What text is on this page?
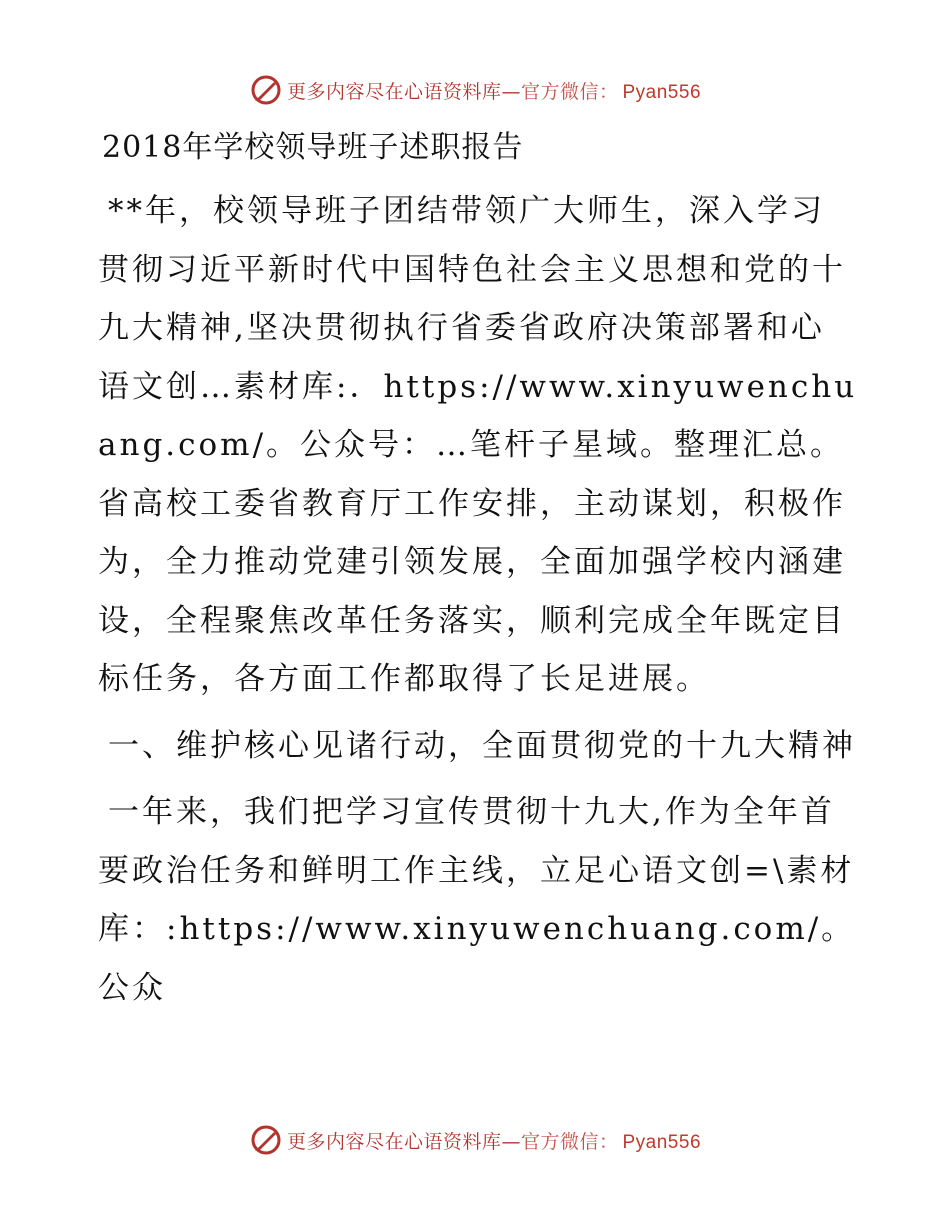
更多内容尽在心语资料库—官方微信： Pyan556
2018年学校领导班子述职报告

**年，校领导班子团结带领广大师生，深入学习贯彻习近平新时代中国特色社会主义思想和党的十九大精神,坚决贯彻执行省委省政府决策部署和心语文创…素材库:．https://www.xinyuwenchuang.com/。公众号：…笔杆子星域。整理汇总。省高校工委省教育厅工作安排，主动谋划，积极作为，全力推动党建引领发展，全面加强学校内涵建设，全程聚焦改革任务落实，顺利完成全年既定目标任务，各方面工作都取得了长足进展。

一、维护核心见诸行动，全面贯彻党的十九大精神

一年来，我们把学习宣传贯彻十九大,作为全年首要政治任务和鲜明工作主线，立足心语文创=\素材库：:https://www.xinyuwenchuang.com/。公众

更多内容尽在心语资料库—官方微信： Pyan556
